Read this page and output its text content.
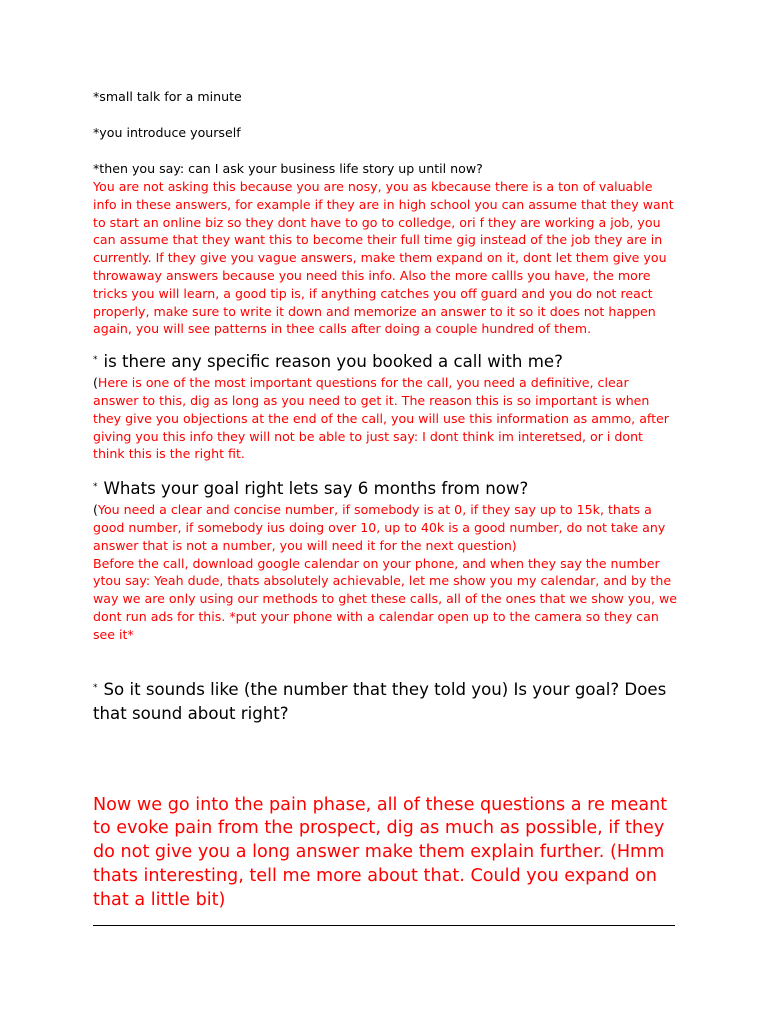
*small talk for a minute

*you introduce yourself

*then you say: can I ask your business life story up until now?

You are not asking this because you are nosy, you as kbecause there is a ton of valuable info in these answers, for example if they are in high school you can assume that they want to start an online biz so they dont have to go to colledge, ori f they are working a job, you can assume that they want this to become their full time gig instead of the job they are in currently. If they give you vague answers, make them expand on it, dont let them give you throwaway answers because you need this info. Also the more callls you have, the more tricks you will learn, a good tip is, if anything catches you off guard and you do not react properly, make sure to write it down and memorize an answer to it so it does not happen again, you will see patterns in thee calls after doing a couple hundred of them.

* is there any specific reason you booked a call with me?

(Here is one of the most important questions for the call, you need a definitive, clear answer to this, dig as long as you need to get it. The reason this is so important is when they give you objections at the end of the call, you will use this information as ammo, after giving you this info they will not be able to just say: I dont think im interetsed, or i dont think this is the right fit.

* Whats your goal right lets say 6 months from now?

(You need a clear and concise number, if somebody is at 0, if they say up to 15k, thats a good number, if somebody ius doing over 10, up to 40k is a good number, do not take any answer that is not a number, you will need it for the next question)

Before the call, download google calendar on your phone, and when they say the number ytou say: Yeah dude, thats absolutely achievable, let me show you my calendar, and by the way we are only using our methods to ghet these calls, all of the ones that we show you, we dont run ads for this. *put your phone with a calendar open up to the camera so they can see it*

* So it sounds like (the number that they told you) Is your goal? Does that sound about right?

Now we go into the pain phase, all of these questions a re meant to evoke pain from the prospect, dig as much as possible, if they do not give you a long answer make them explain further. (Hmm thats interesting, tell me more about that. Could you expand on that a little bit)
